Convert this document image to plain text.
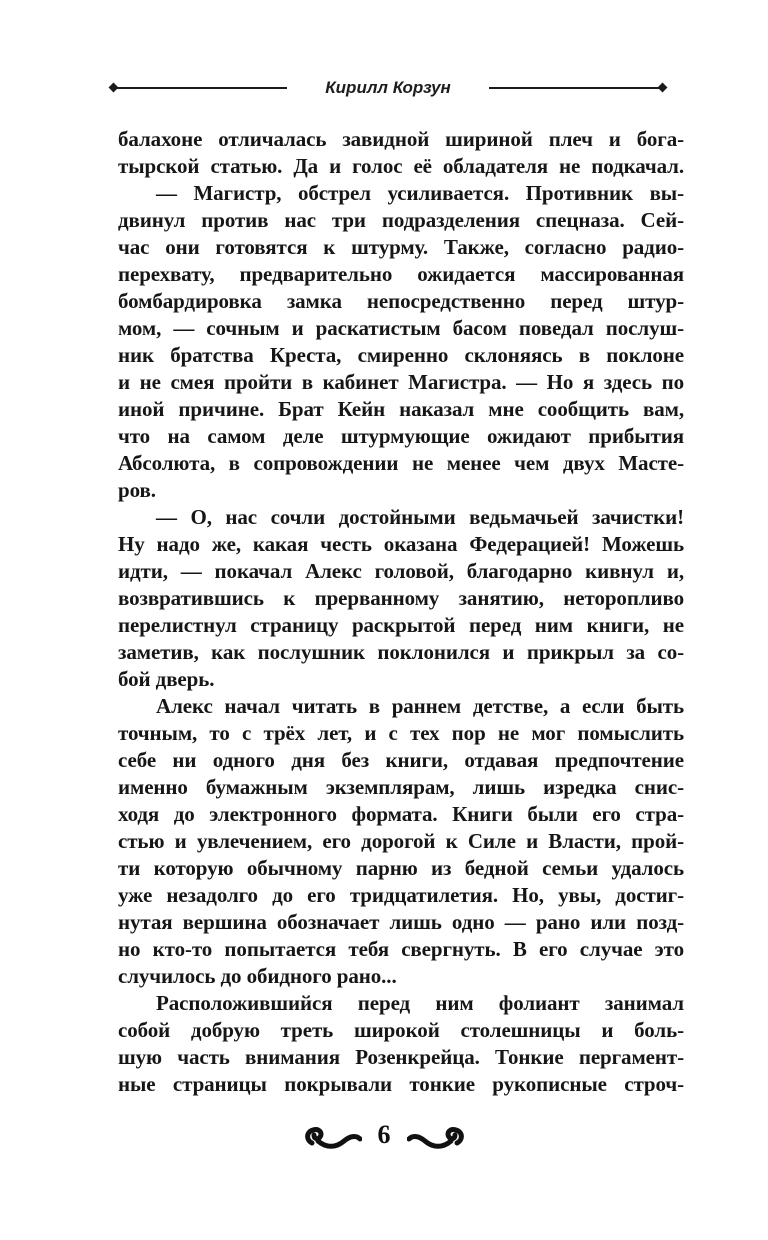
Кирилл Корзун
балахоне отличалась завидной шириной плеч и бога-
тырской статью. Да и голос её обладателя не подкачал.
— Магистр, обстрел усиливается. Противник вы-
двинул против нас три подразделения спецназа. Сей-
час они готовятся к штурму. Также, согласно радио-
перехвату, предварительно ожидается массированная
бомбардировка замка непосредственно перед штур-
мом, — сочным и раскатистым басом поведал послуш-
ник братства Креста, смиренно склоняясь в поклоне
и не смея пройти в кабинет Магистра. — Но я здесь по
иной причине. Брат Кейн наказал мне сообщить вам,
что на самом деле штурмующие ожидают прибытия
Абсолюта, в сопровождении не менее чем двух Масте-
ров.
— О, нас сочли достойными ведьмачьей зачистки!
Ну надо же, какая честь оказана Федерацией! Можешь
идти, — покачал Алекс головой, благодарно кивнул и,
возвратившись к прерванному занятию, неторопливо
перелистнул страницу раскрытой перед ним книги, не
заметив, как послушник поклонился и прикрыл за со-
бой дверь.
Алекс начал читать в раннем детстве, а если быть
точным, то с трёх лет, и с тех пор не мог помыслить
себе ни одного дня без книги, отдавая предпочтение
именно бумажным экземплярам, лишь изредка снис-
ходя до электронного формата. Книги были его стра-
стью и увлечением, его дорогой к Силе и Власти, прой-
ти которую обычному парню из бедной семьи удалось
уже незадолго до его тридцатилетия. Но, увы, достиг-
нутая вершина обозначает лишь одно — рано или позд-
но кто-то попытается тебя свергнуть. В его случае это
случилось до обидного рано...
Расположившийся перед ним фолиант занимал
собой добрую треть широкой столешницы и боль-
шую часть внимания Розенкрейца. Тонкие пергамент-
ные страницы покрывали тонкие рукописные строч-
6
